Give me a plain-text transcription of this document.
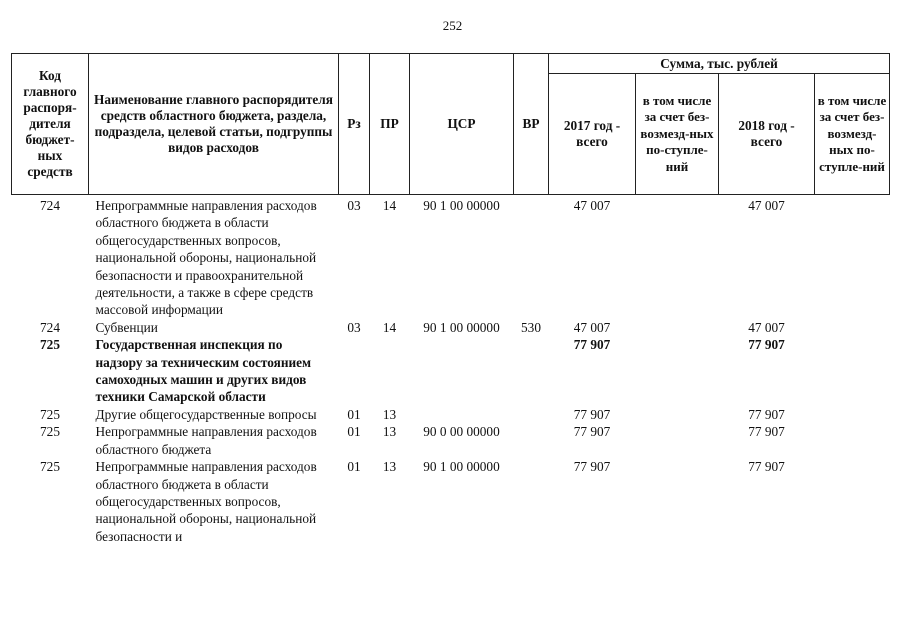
252
Код главного распоря-дителя бюджет-ных средств	Наименование главного распорядителя средств областного бюджета, раздела, подраздела, целевой статьи, подгруппы видов расходов	Рз	ПР	ЦСР	ВР	Сумма, тыс. рублей			
						2017 год - всего	в том числе за счет без-возмезд-ных по-ступле-ний	2018 год - всего	в том числе за счет без-возмезд-ных по-ступле-ний
724	Непрограммные направления расходов областного бюджета в области общегосударственных вопросов, национальной обороны, национальной безопасности и правоохранительной деятельности, а также в сфере средств массовой информации	03	14	90 1 00 00000		47 007		47 007	
724	Субвенции	03	14	90 1 00 00000	530	47 007		47 007	
725	Государственная инспекция по надзору за техническим состоянием самоходных машин и других видов техники Самарской области					77 907		77 907	
725	Другие общегосударственные вопросы	01	13			77 907		77 907	
725	Непрограммные направления расходов областного бюджета	01	13	90 0 00 00000		77 907		77 907	
725	Непрограммные направления расходов областного бюджета в области общегосударственных вопросов, национальной обороны, национальной безопасности и	01	13	90 1 00 00000		77 907		77 907	
